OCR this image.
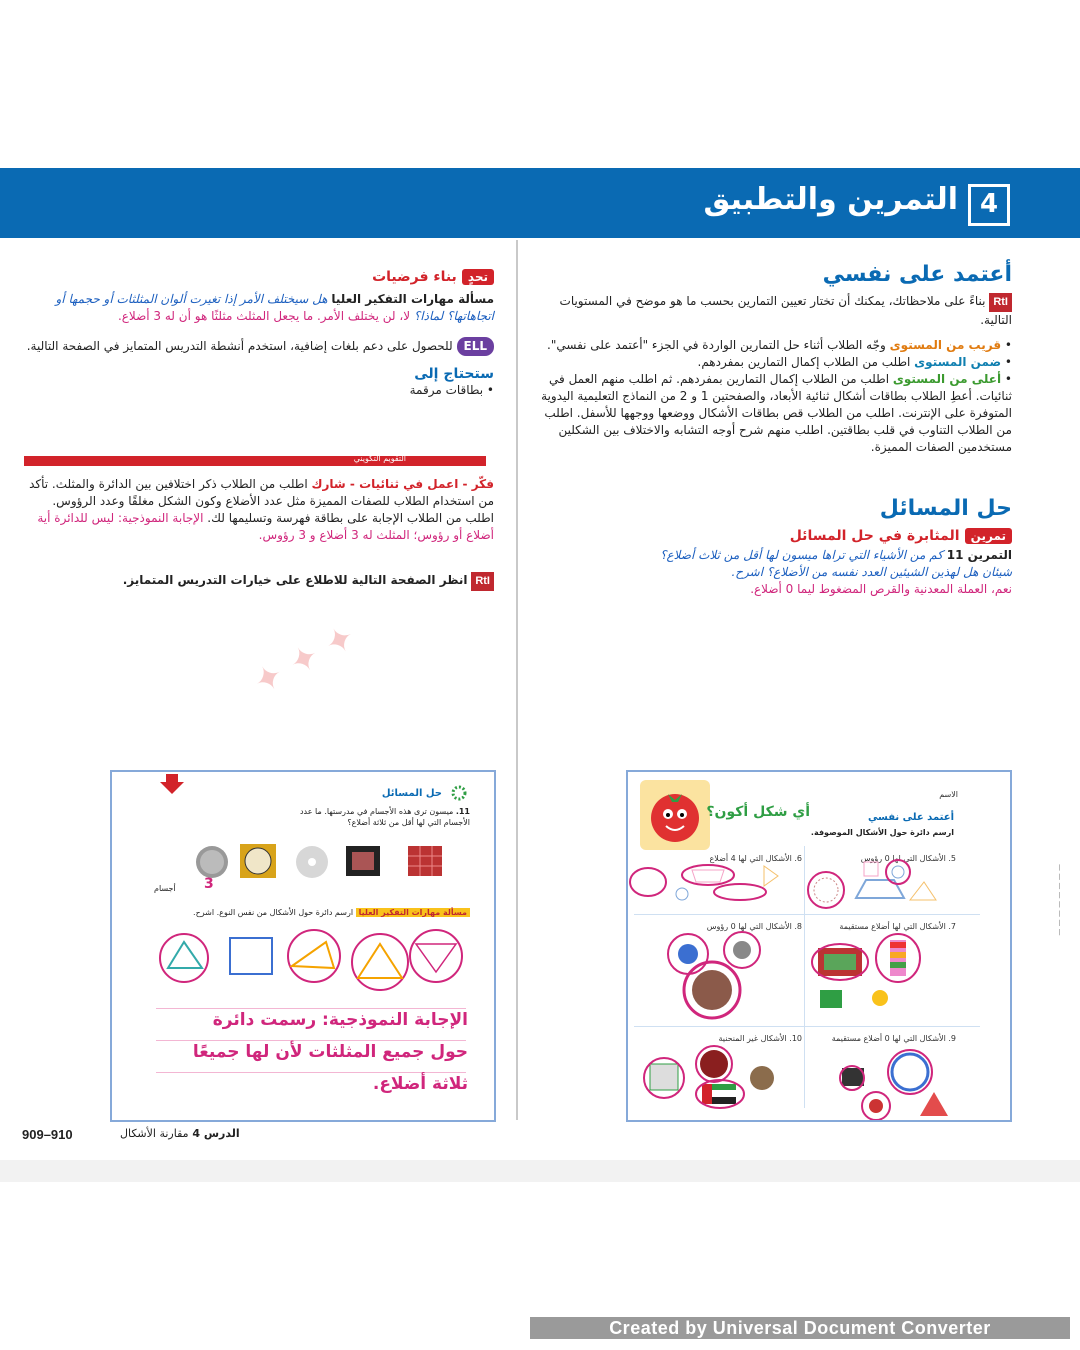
التمرين والتطبيق 4
أعتمد على نفسي
RtI بناءً على ملاحظاتك، يمكنك أن تختار تعيين التمارين بحسب ما هو موضح في المستويات التالية.
• قريب من المستوى وجّه الطلاب أثناء حل التمارين الواردة في الجزء "أعتمد على نفسي".
• ضمن المستوى اطلب من الطلاب إكمال التمارين بمفردهم.
• أعلى من المستوى اطلب من الطلاب إكمال التمارين بمفردهم. ثم اطلب منهم العمل في ثنائيات. أعطِ الطلاب بطاقات أشكال ثنائية الأبعاد، والصفحتين 1 و 2 من النماذج التعليمية اليدوية المتوفرة على الإنترنت. اطلب من الطلاب قص بطاقات الأشكال ووضعها ووجهها للأسفل. اطلب من الطلاب التناوب في قلب بطاقتين. اطلب منهم شرح أوجه التشابه والاختلاف بين الشكلين مستخدمين الصفات المميزة.
حل المسائل
تمرين المثابرة في حل المسائل
التمرين 11 كم من الأشياء التي تراها ميسون لها أقل من ثلاث أضلاع؟
شيئان هل لهذين الشيئين العدد نفسه من الأضلاع؟ اشرح.
نعم، العملة المعدنية والقرص المضغوط ليما 0 أضلاع.
تحدٍ بناء فرضيات
مسألة مهارات التفكير العليا هل سيختلف الأمر إذا تغيرت ألوان المثلثات أو حجمها أو اتجاهاتها؟ لماذا؟ لا، لن يختلف الأمر. ما يجعل المثلث مثلثًا هو أن له 3 أضلاع.
ELL للحصول على دعم بلغات إضافية، استخدم أنشطة التدريس المتمايز في الصفحة التالية.
ستحتاج إلى
• بطاقات مرقمة
التقويم التكويني
فكّر - اعمل في ثنائيات - شارك اطلب من الطلاب ذكر اختلافين بين الدائرة والمثلث. تأكد من استخدام الطلاب للصفات المميزة مثل عدد الأضلاع وكون الشكل مغلقًا وعدد الرؤوس. اطلب من الطلاب الإجابة على بطاقة فهرسة وتسليمها لك. الإجابة النموذجية: ليس للدائرة أية أضلاع أو رؤوس؛ المثلث له 3 أضلاع و 3 رؤوس.
RtI انظر الصفحة التالية للاطلاع على خيارات التدريس المتمايز.
✦ ✦ ✦
الاسم
أي شكل أكون؟	أعتمد على نفسي
ارسم دائرة حول الأشكال الموصوفة.
5. الأشكال التي لها 0 رؤوس
6. الأشكال التي لها 4 أضلاع
7. الأشكال التي لها أضلاع مستقيمة
8. الأشكال التي لها 0 رؤوس
9. الأشكال التي لها 0 أضلاع مستقيمة
10. الأشكال غير المنحنية
— — — — — — — —
حل المسائل
11. ميسون ترى هذه الأجسام في مدرستها. ما عدد الأجسام التي لها أقل من ثلاثة أضلاع؟
3
أجسام
مسألة مهارات التفكير العليا ارسم دائرة حول الأشكال من نفس النوع. اشرح.
الإجابة النموذجية: رسمت دائرة
حول جميع المثلثات لأن لها جميعًا
ثلاثة أضلاع.
909–910	الدرس 4 مقارنة الأشكال
Created by Universal Document Converter
